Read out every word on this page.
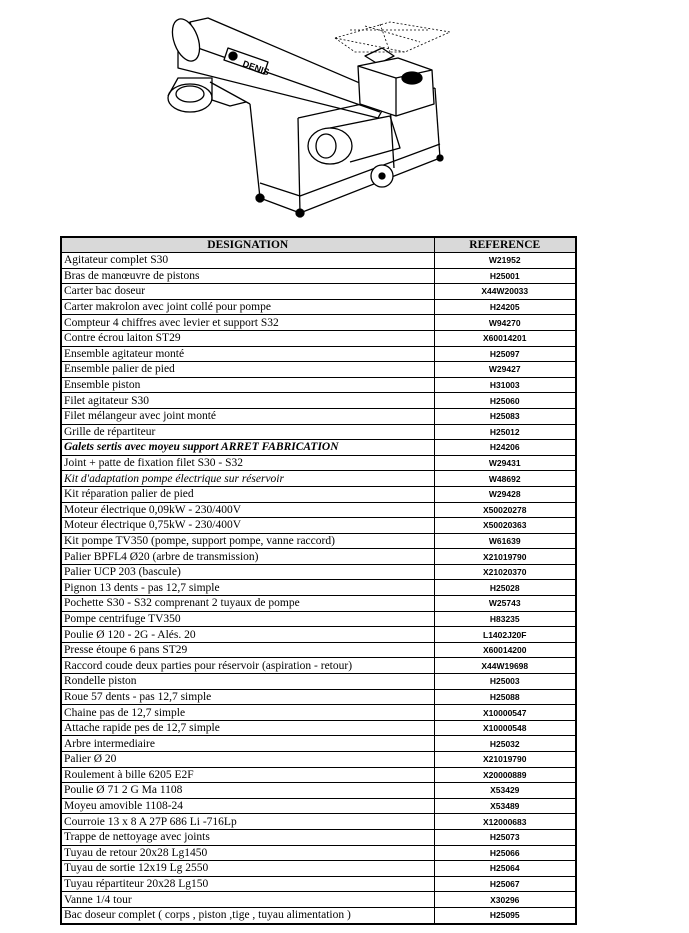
DENIS
DESIGNATION	REFERENCE
Agitateur complet S30	W21952
Bras de manœuvre de pistons	H25001
Carter bac doseur	X44W20033
Carter makrolon avec joint collé pour pompe	H24205
Compteur 4 chiffres avec levier et support S32	W94270
Contre écrou laiton ST29	X60014201
Ensemble agitateur monté	H25097
Ensemble palier de pied	W29427
Ensemble piston	H31003
Filet agitateur S30	H25060
Filet mélangeur avec joint monté	H25083
Grille de répartiteur	H25012
Galets sertis avec moyeu support ARRET FABRICATION	H24206
Joint + patte de fixation filet S30 - S32	W29431
Kit d'adaptation pompe électrique sur réservoir	W48692
Kit réparation palier de pied	W29428
Moteur électrique 0,09kW - 230/400V	X50020278
Moteur électrique 0,75kW - 230/400V	X50020363
Kit pompe TV350 (pompe, support pompe, vanne raccord)	W61639
Palier BPFL4 Ø20 (arbre de transmission)	X21019790
Palier UCP 203 (bascule)	X21020370
Pignon 13 dents - pas 12,7 simple	H25028
Pochette S30 - S32 comprenant 2 tuyaux de pompe	W25743
Pompe centrifuge TV350	H83235
Poulie Ø 120 - 2G - Alés. 20	L1402J20F
Presse étoupe 6 pans ST29	X60014200
Raccord coude deux parties pour réservoir (aspiration - retour)	X44W19698
Rondelle piston	H25003
Roue 57 dents - pas 12,7 simple	H25088
Chaine pas de 12,7 simple	X10000547
Attache rapide pes de 12,7 simple	X10000548
Arbre intermediaire	H25032
Palier Ø 20	X21019790
Roulement à bille 6205 E2F	X20000889
Poulie Ø 71 2 G Ma 1108	X53429
Moyeu amovible 1108-24	X53489
Courroie 13 x 8 A 27P 686 Li -716Lp	X12000683
Trappe de nettoyage avec joints	H25073
Tuyau de retour 20x28 Lg1450	H25066
Tuyau de sortie 12x19 Lg 2550	H25064
Tuyau répartiteur 20x28 Lg150	H25067
Vanne 1/4 tour	X30296
Bac doseur complet ( corps , piston ,tige , tuyau alimentation )	H25095
